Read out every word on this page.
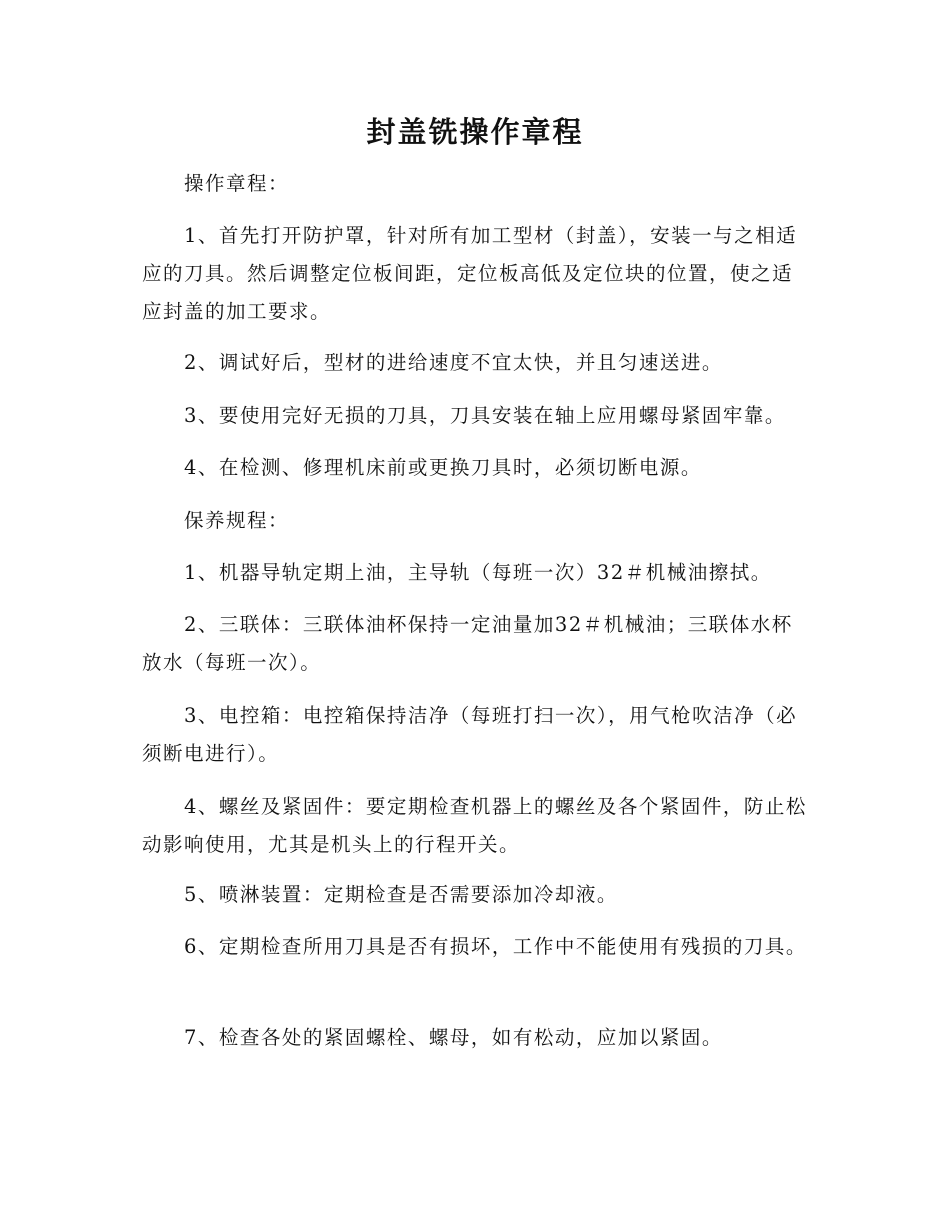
封盖铣操作章程

操作章程：

1、首先打开防护罩，针对所有加工型材（封盖），安装一与之相适应的刀具。然后调整定位板间距，定位板高低及定位块的位置，使之适应封盖的加工要求。

2、调试好后，型材的进给速度不宜太快，并且匀速送进。

3、要使用完好无损的刀具，刀具安装在轴上应用螺母紧固牢靠。

4、在检测、修理机床前或更换刀具时，必须切断电源。

保养规程：

1、机器导轨定期上油，主导轨（每班一次）32＃机械油擦拭。

2、三联体：三联体油杯保持一定油量加32＃机械油；三联体水杯放水（每班一次）。

3、电控箱：电控箱保持洁净（每班打扫一次），用气枪吹洁净（必须断电进行）。

4、螺丝及紧固件：要定期检查机器上的螺丝及各个紧固件，防止松动影响使用，尤其是机头上的行程开关。

5、喷淋装置：定期检查是否需要添加冷却液。

6、定期检查所用刀具是否有损坏，工作中不能使用有残损的刀具。

7、检查各处的紧固螺栓、螺母，如有松动，应加以紧固。
